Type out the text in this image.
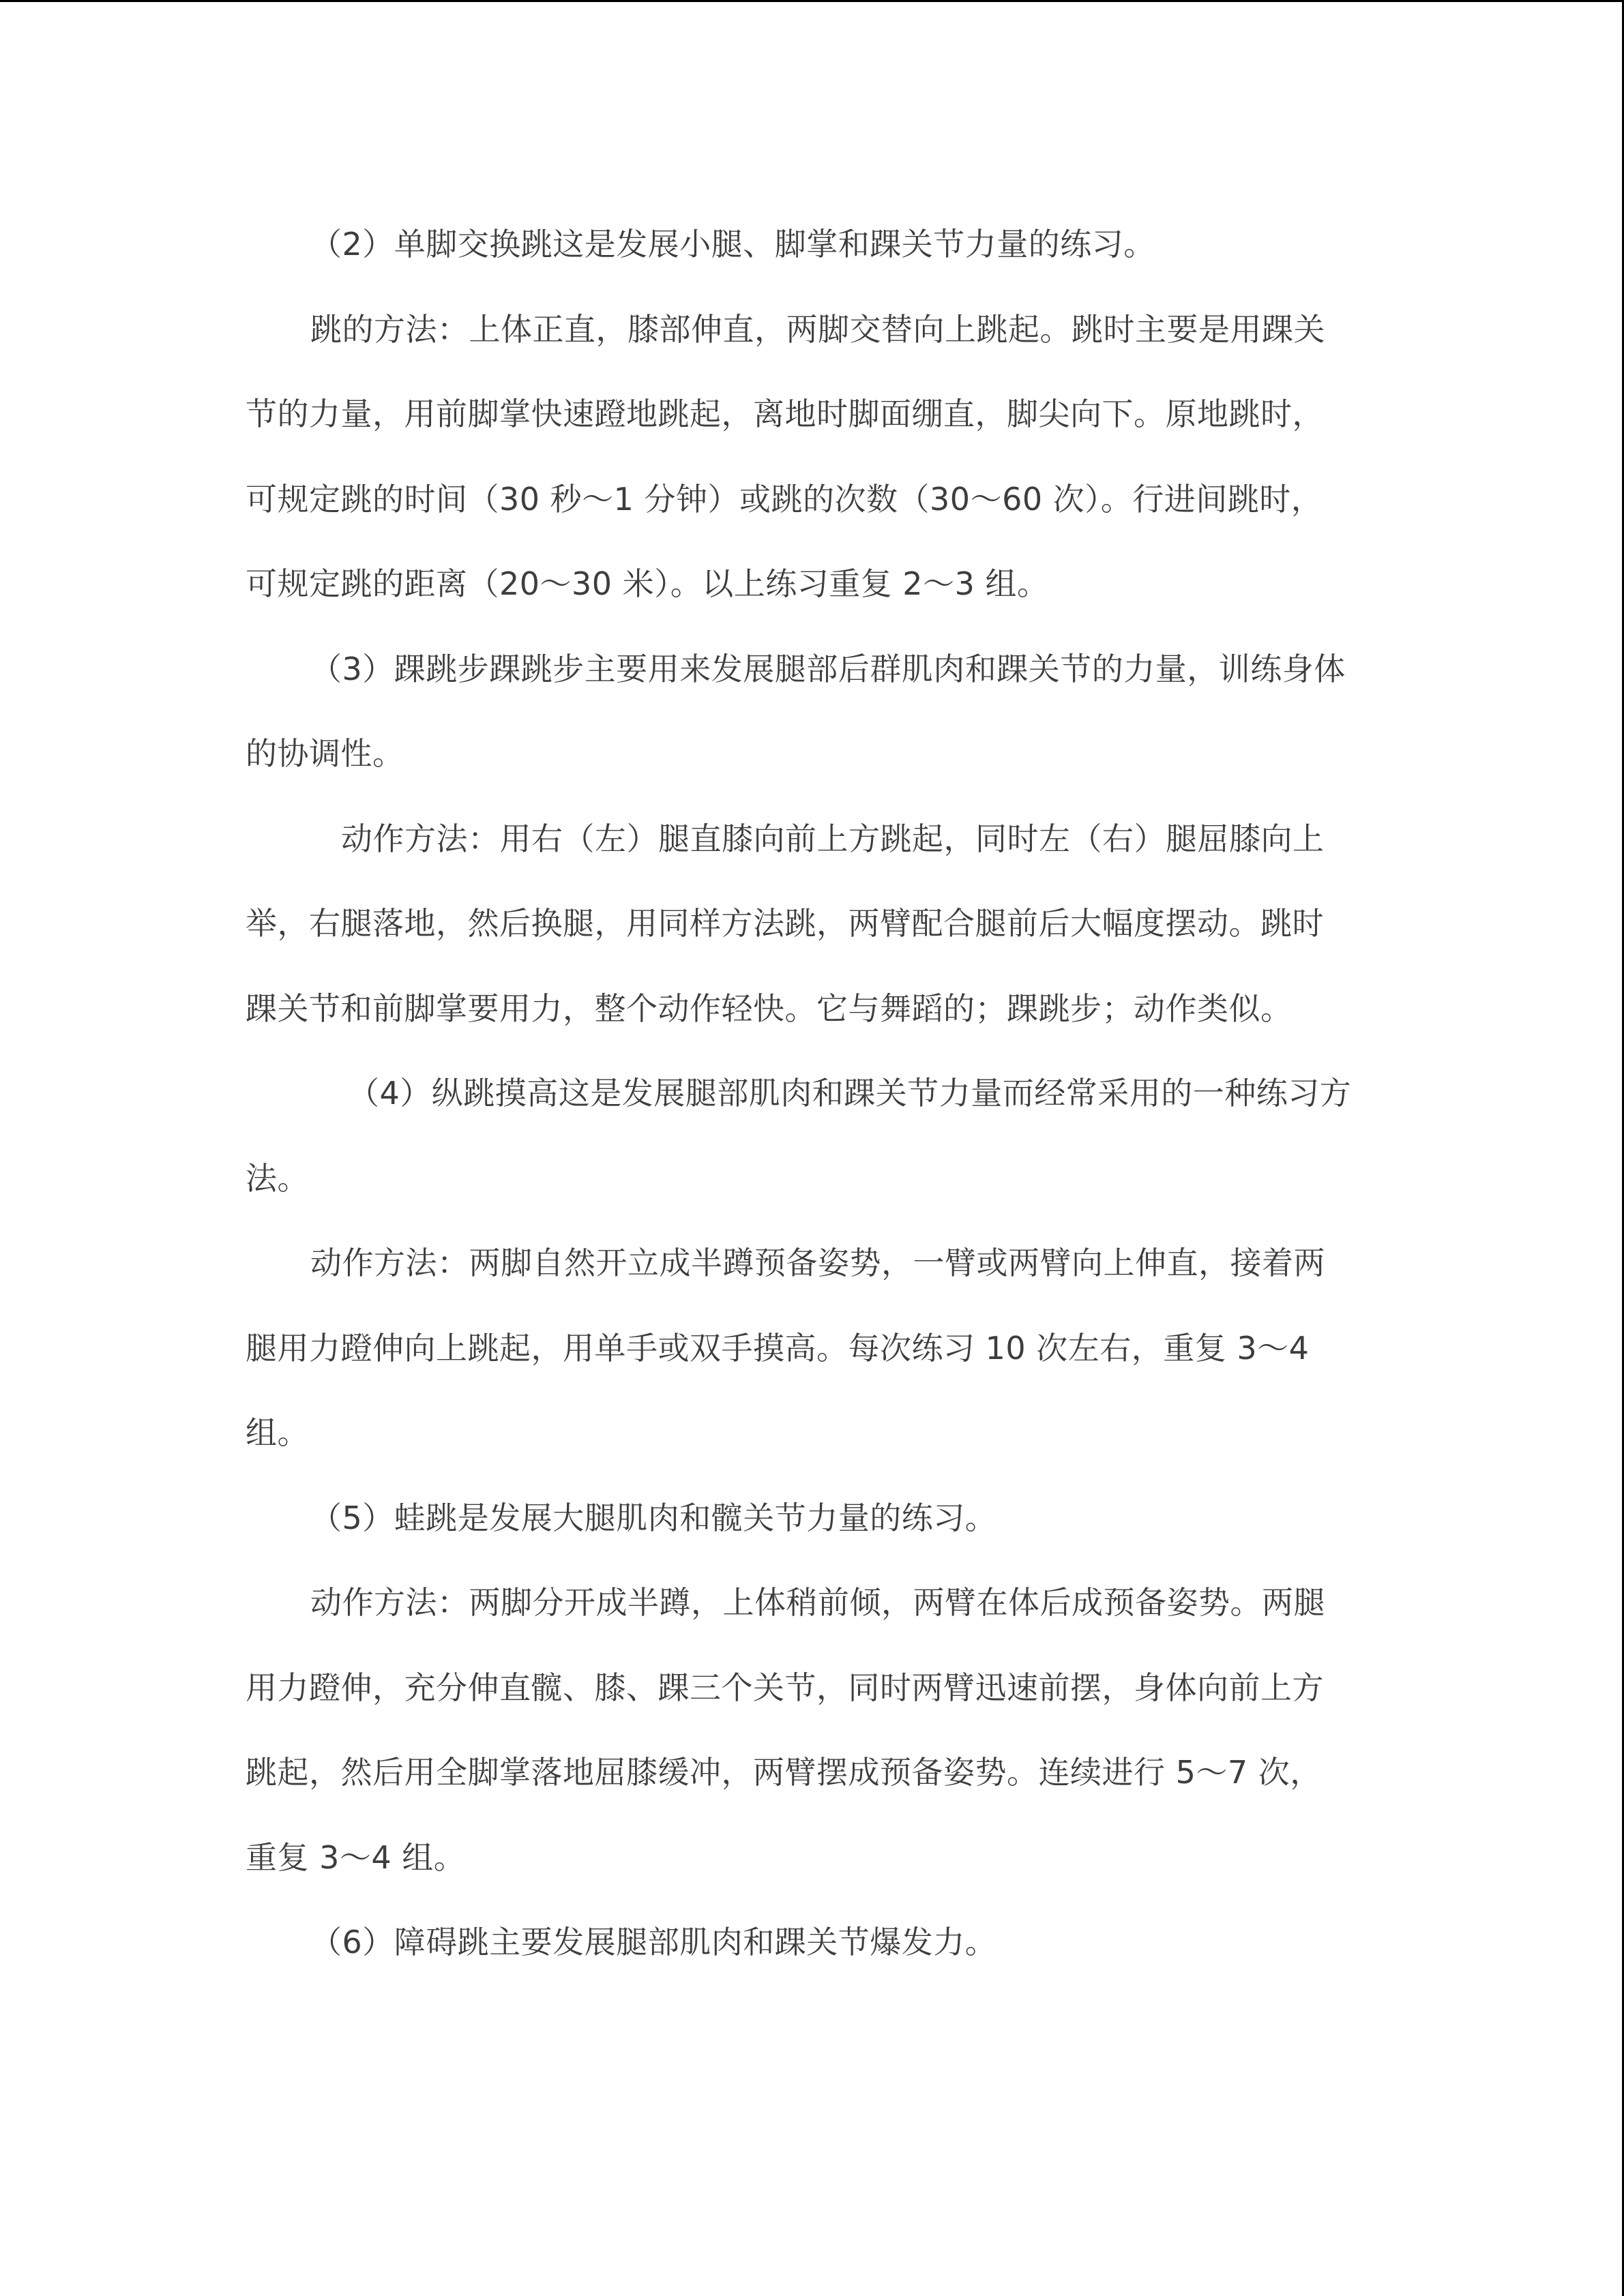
（2）单脚交换跳这是发展小腿、脚掌和踝关节力量的练习。
跳的方法：上体正直，膝部伸直，两脚交替向上跳起。跳时主要是用踝关
节的力量，用前脚掌快速蹬地跳起，离地时脚面绷直，脚尖向下。原地跳时，
可规定跳的时间（30 秒～1 分钟）或跳的次数（30～60 次）。行进间跳时，
可规定跳的距离（20～30 米）。以上练习重复 2～3 组。
（3）踝跳步踝跳步主要用来发展腿部后群肌肉和踝关节的力量，训练身体
的协调性。
动作方法：用右（左）腿直膝向前上方跳起，同时左（右）腿屈膝向上
举，右腿落地，然后换腿，用同样方法跳，两臂配合腿前后大幅度摆动。跳时
踝关节和前脚掌要用力，整个动作轻快。它与舞蹈的；踝跳步；动作类似。
（4）纵跳摸高这是发展腿部肌肉和踝关节力量而经常采用的一种练习方
法。
动作方法：两脚自然开立成半蹲预备姿势，一臂或两臂向上伸直，接着两
腿用力蹬伸向上跳起，用单手或双手摸高。每次练习 10 次左右，重复 3～4
组。
（5）蛙跳是发展大腿肌肉和髋关节力量的练习。
动作方法：两脚分开成半蹲，上体稍前倾，两臂在体后成预备姿势。两腿
用力蹬伸，充分伸直髋、膝、踝三个关节，同时两臂迅速前摆，身体向前上方
跳起，然后用全脚掌落地屈膝缓冲，两臂摆成预备姿势。连续进行 5～7 次，
重复 3～4 组。
（6）障碍跳主要发展腿部肌肉和踝关节爆发力。
